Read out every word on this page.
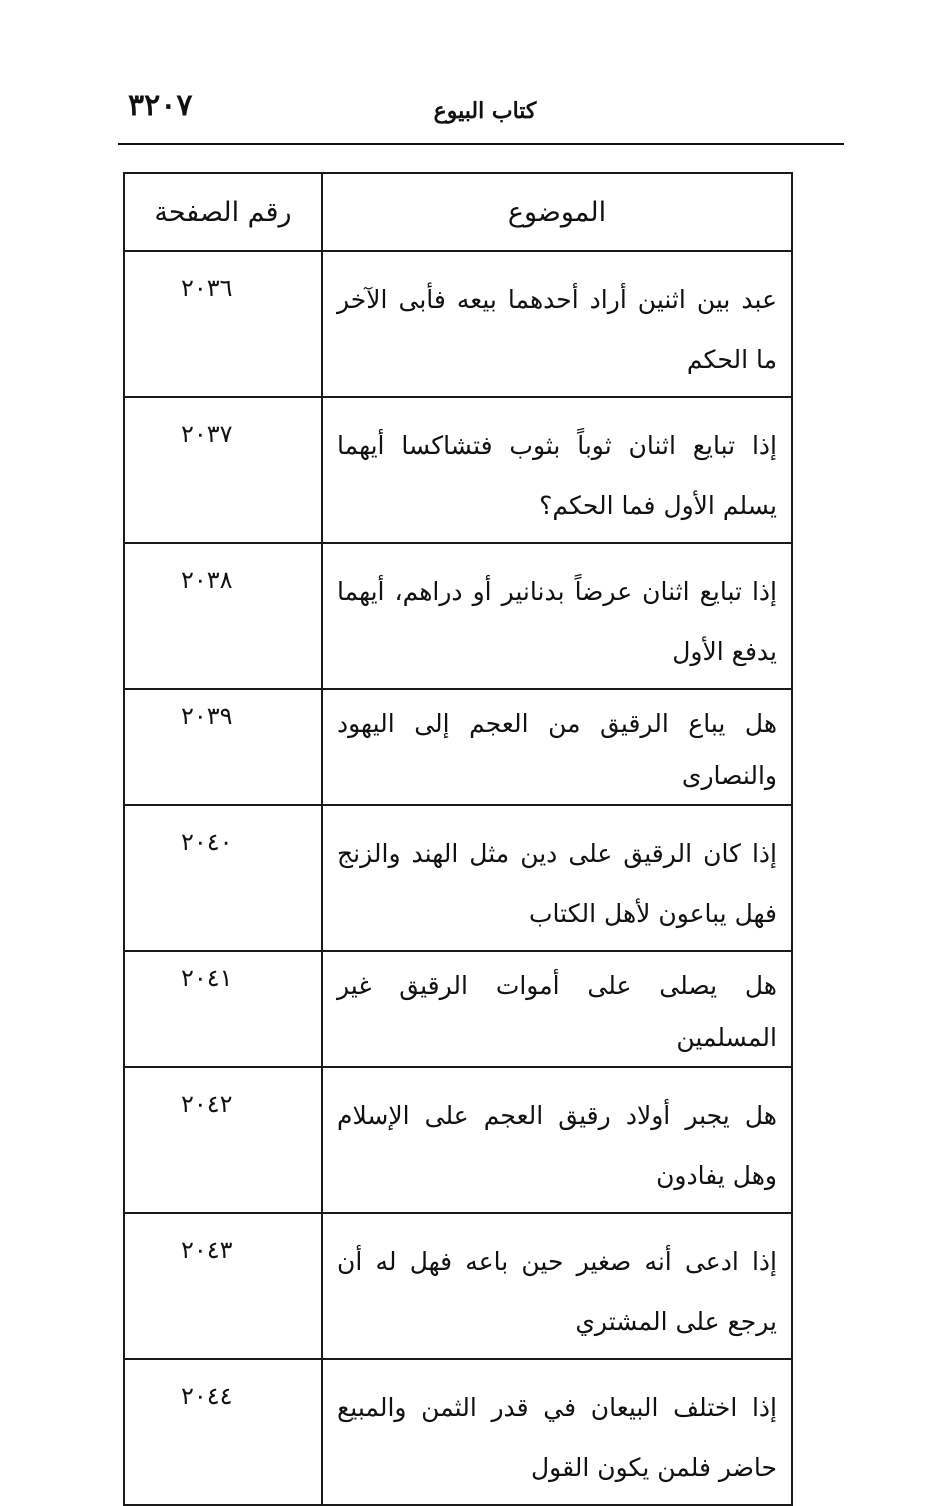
٣٢٠٧	كتاب البيوع
الموضوع	رقم الصفحة
عبد بين اثنين أراد أحدهما بيعه فأبى الآخر ما الحكم	٢٠٣٦
إذا تبايع اثنان ثوباً بثوب فتشاكسا أيهما يسلم الأول فما الحكم؟	٢٠٣٧
إذا تبايع اثنان عرضاً بدنانير أو دراهم، أيهما يدفع الأول	٢٠٣٨
هل يباع الرقيق من العجم إلى اليهود والنصارى	٢٠٣٩
إذا كان الرقيق على دين مثل الهند والزنج فهل يباعون لأهل الكتاب	٢٠٤٠
هل يصلى على أموات الرقيق غير المسلمين	٢٠٤١
هل يجبر أولاد رقيق العجم على الإسلام وهل يفادون	٢٠٤٢
إذا ادعى أنه صغير حين باعه فهل له أن يرجع على المشتري	٢٠٤٣
إذا اختلف البيعان في قدر الثمن والمبيع حاضر فلمن يكون القول	٢٠٤٤
